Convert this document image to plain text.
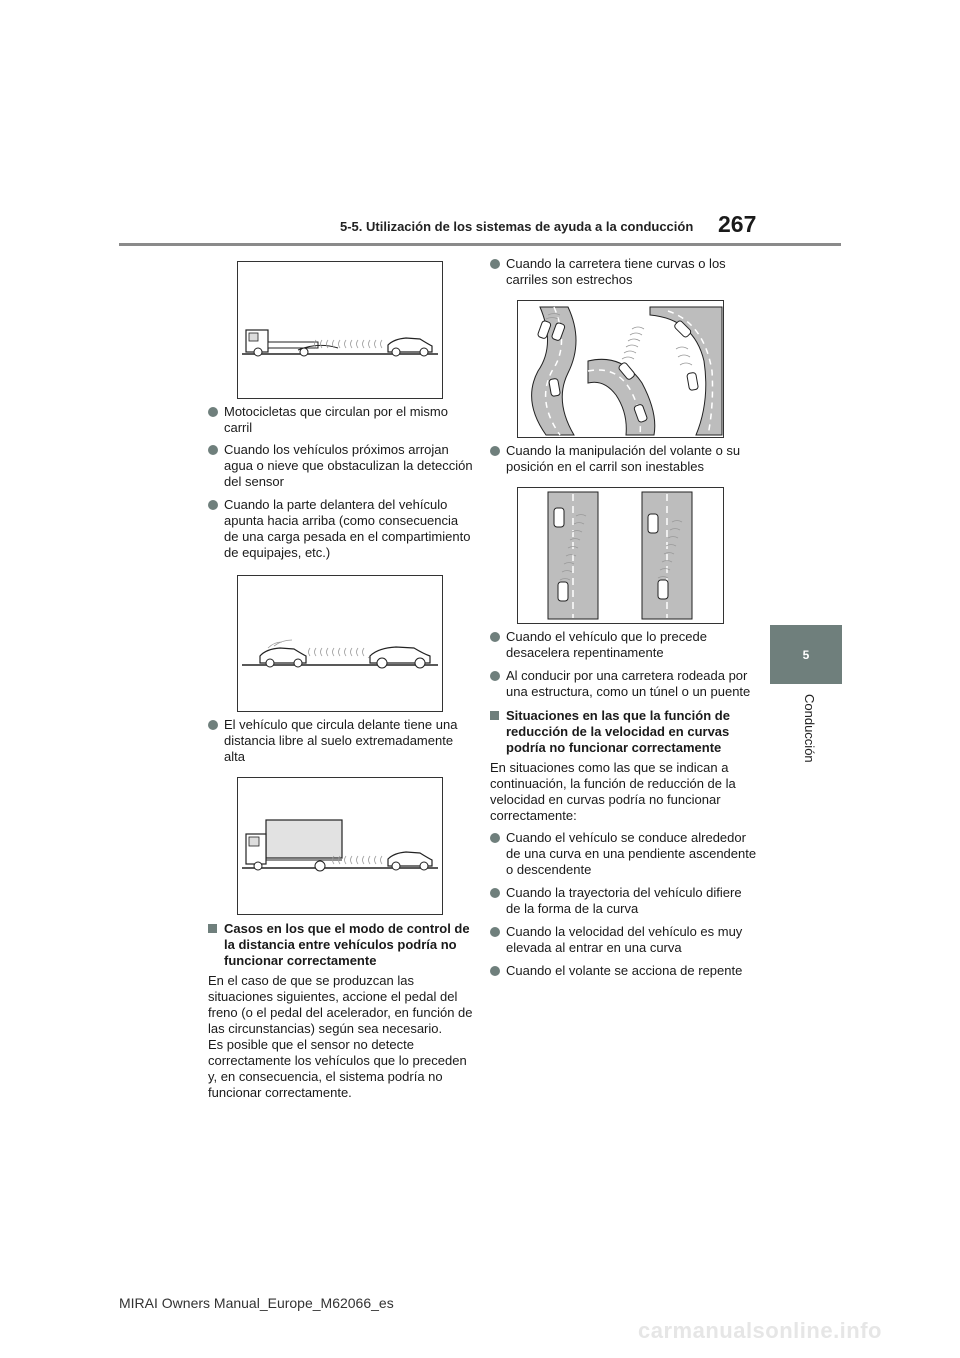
5-5. Utilización de los sistemas de ayuda a la conducción 267
5
Conducción
Motocicletas que circulan por el mismo carril
Cuando los vehículos próximos arrojan agua o nieve que obstaculizan la detección del sensor
Cuando la parte delantera del vehículo apunta hacia arriba (como consecuencia de una carga pesada en el compartimiento de equipajes, etc.)
El vehículo que circula delante tiene una distancia libre al suelo extremadamente alta
Casos en los que el modo de control de la distancia entre vehículos podría no funcionar correctamente
En el caso de que se produzcan las situaciones siguientes, accione el pedal del freno (o el pedal del acelerador, en función de las circunstancias) según sea necesario.
Es posible que el sensor no detecte correctamente los vehículos que lo preceden y, en consecuencia, el sistema podría no funcionar correctamente.
Cuando la carretera tiene curvas o los carriles son estrechos
Cuando la manipulación del volante o su posición en el carril son inestables
Cuando el vehículo que lo precede desacelera repentinamente
Al conducir por una carretera rodeada por una estructura, como un túnel o un puente
Situaciones en las que la función de reducción de la velocidad en curvas podría no funcionar correctamente
En situaciones como las que se indican a continuación, la función de reducción de la velocidad en curvas podría no funcionar correctamente:
Cuando el vehículo se conduce alrededor de una curva en una pendiente ascendente o descendente
Cuando la trayectoria del vehículo difiere de la forma de la curva
Cuando la velocidad del vehículo es muy elevada al entrar en una curva
Cuando el volante se acciona de repente
MIRAI Owners Manual_Europe_M62066_es
carmanualsonline.info
